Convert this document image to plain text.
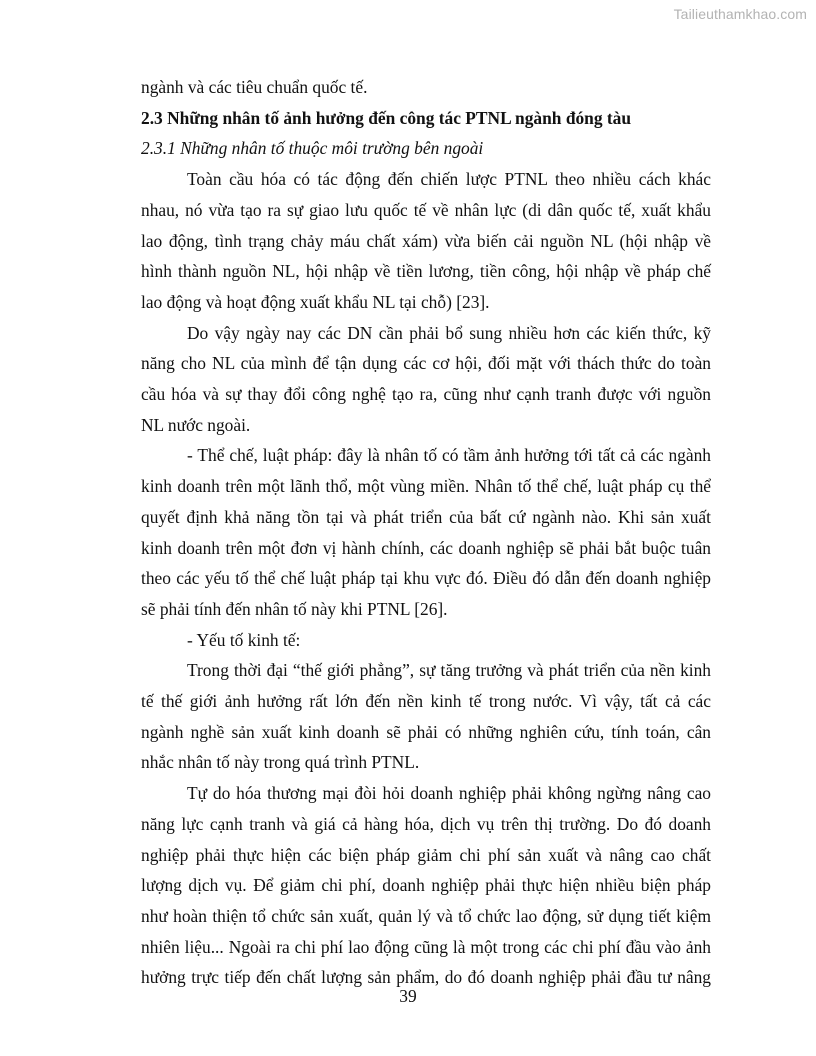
Tailieuthamkhao.com

ngành và các tiêu chuẩn quốc tế.

2.3 Những nhân tố ảnh hưởng đến công tác PTNL ngành đóng tàu

2.3.1 Những nhân tố thuộc môi trường bên ngoài

Toàn cầu hóa có tác động đến chiến lược PTNL theo nhiều cách khác

nhau, nó vừa tạo ra sự giao lưu quốc tế về nhân lực (di dân quốc tế, xuất khẩu

lao động, tình trạng chảy máu chất xám) vừa biến cải nguồn NL (hội nhập về

hình thành nguồn NL, hội nhập về tiền lương, tiền công, hội nhập về pháp chế

lao động và hoạt động xuất khẩu NL tại chỗ) [23].

Do vậy ngày nay các DN cần phải bổ sung nhiều hơn các kiến thức, kỹ

năng cho NL của mình để tận dụng các cơ hội, đối mặt với thách thức do toàn

cầu hóa và sự thay đổi công nghệ tạo ra, cũng như cạnh tranh được với nguồn

NL nước ngoài.

- Thể chế, luật pháp: đây là nhân tố có tầm ảnh hưởng tới tất cả các ngành

kinh doanh trên một lãnh thổ, một vùng miền. Nhân tố thể chế, luật pháp cụ thể

quyết định khả năng tồn tại và phát triển của bất cứ ngành nào. Khi sản xuất

kinh doanh trên một đơn vị hành chính, các doanh nghiệp sẽ phải bắt buộc tuân

theo các yếu tố thể chế luật pháp tại khu vực đó. Điều đó dẫn đến doanh nghiệp

sẽ phải tính đến nhân tố này khi PTNL [26].

- Yếu tố kinh tế:

Trong thời đại “thế giới phẳng”, sự tăng trưởng và phát triển của nền kinh

tế thế giới ảnh hưởng rất lớn đến nền kinh tế trong nước. Vì vậy, tất cả các

ngành nghề sản xuất kinh doanh sẽ phải có những nghiên cứu, tính toán, cân

nhắc nhân tố này trong quá trình PTNL.

Tự do hóa thương mại đòi hỏi doanh nghiệp phải không ngừng nâng cao

năng lực cạnh tranh và giá cả hàng hóa, dịch vụ trên thị trường. Do đó doanh

nghiệp phải thực hiện các biện pháp giảm chi phí sản xuất và nâng cao chất

lượng dịch vụ. Để giảm chi phí, doanh nghiệp phải thực hiện nhiều biện pháp

như hoàn thiện tổ chức sản xuất, quản lý và tổ chức lao động, sử dụng tiết kiệm

nhiên liệu... Ngoài ra chi phí lao động cũng là một trong các chi phí đầu vào ảnh

hưởng trực tiếp đến chất lượng sản phẩm, do đó doanh nghiệp phải đầu tư nâng

39
